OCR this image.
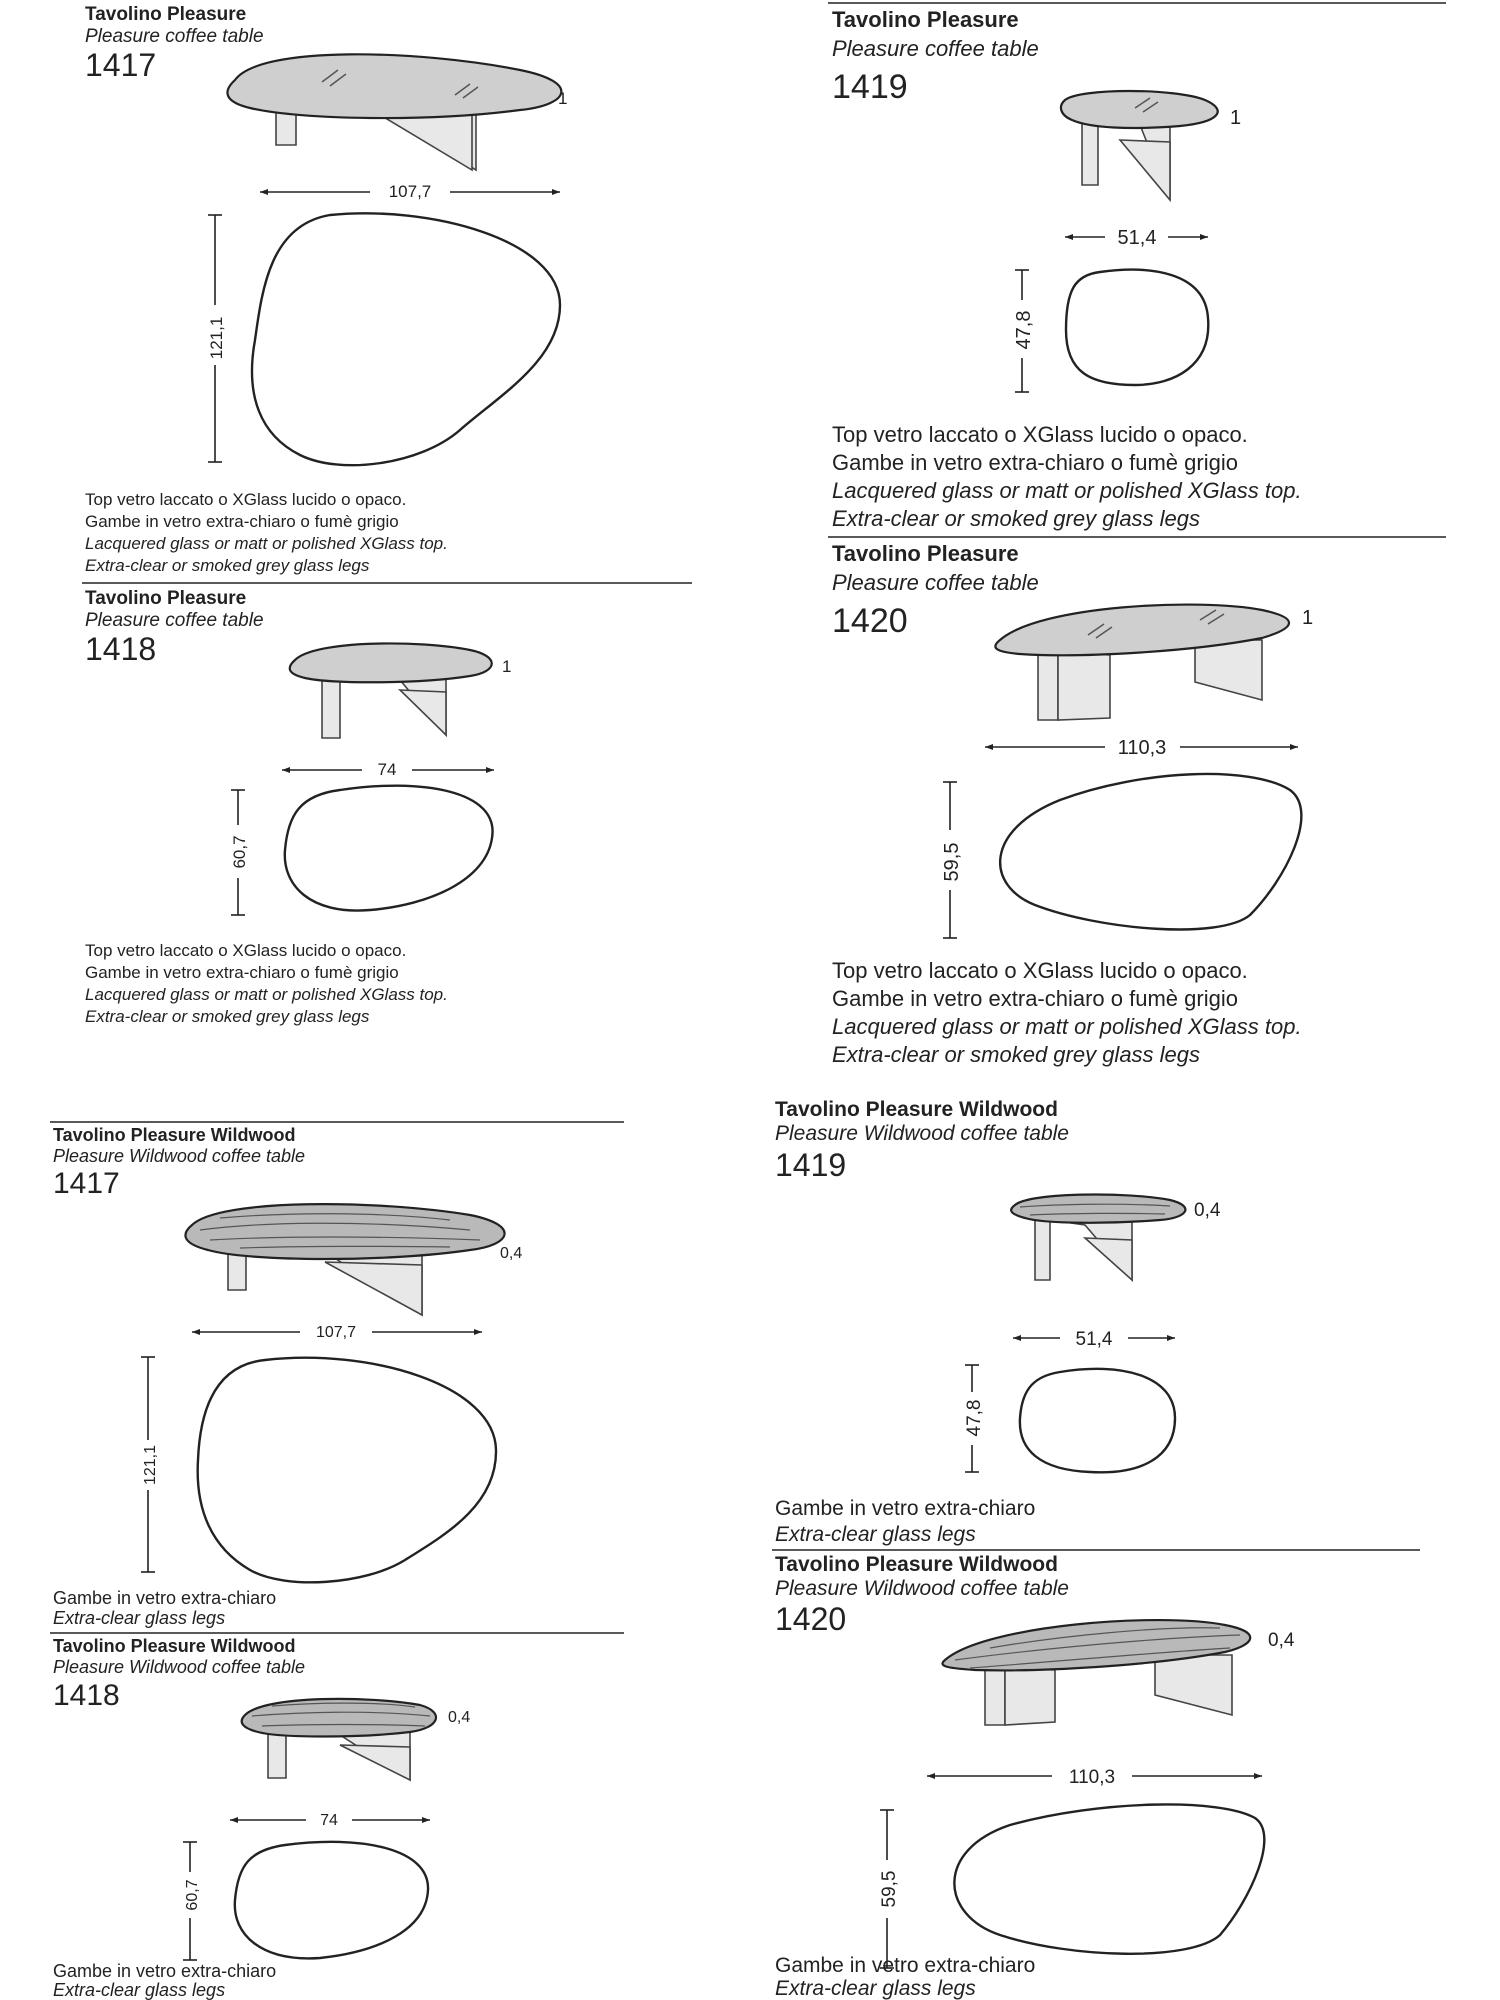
Tavolino Pleasure
Pleasure coffee table
1417
1
107,7
121,1
Top vetro laccato o XGlass lucido o opaco.
Gambe in vetro extra-chiaro o fumè grigio
Lacquered glass or matt or polished XGlass top.
Extra-clear or smoked grey glass legs
Tavolino Pleasure
Pleasure coffee table
1418	1
74
60,7
Top vetro laccato o XGlass lucido o opaco.
Gambe in vetro extra-chiaro o fumè grigio
Lacquered glass or matt or polished XGlass top.
Extra-clear or smoked grey glass legs
Tavolino Pleasure
Pleasure coffee table
1419
1
51,4
47,8
Top vetro laccato o XGlass lucido o opaco.
Gambe in vetro extra-chiaro o fumè grigio
Lacquered glass or matt or polished XGlass top.
Extra-clear or smoked grey glass legs
Tavolino Pleasure
Pleasure coffee table
1420	1
110,3
59,5
Top vetro laccato o XGlass lucido o opaco.
Gambe in vetro extra-chiaro o fumè grigio
Lacquered glass or matt or polished XGlass top.
Extra-clear or smoked grey glass legs
Tavolino Pleasure Wildwood
Pleasure Wildwood coffee table
1417
0,4
107,7
121,1
Gambe in vetro extra-chiaro
Extra-clear glass legs
Tavolino Pleasure Wildwood
Pleasure Wildwood coffee table
1418
0,4
74
60,7
Gambe in vetro extra-chiaro
Extra-clear glass legs
Tavolino Pleasure Wildwood
Pleasure Wildwood coffee table
1419
0,4
51,4
47,8
Gambe in vetro extra-chiaro
Extra-clear glass legs
Tavolino Pleasure Wildwood
Pleasure Wildwood coffee table
1420
0,4
110,3
59,5
Gambe in vetro extra-chiaro
Extra-clear glass legs
